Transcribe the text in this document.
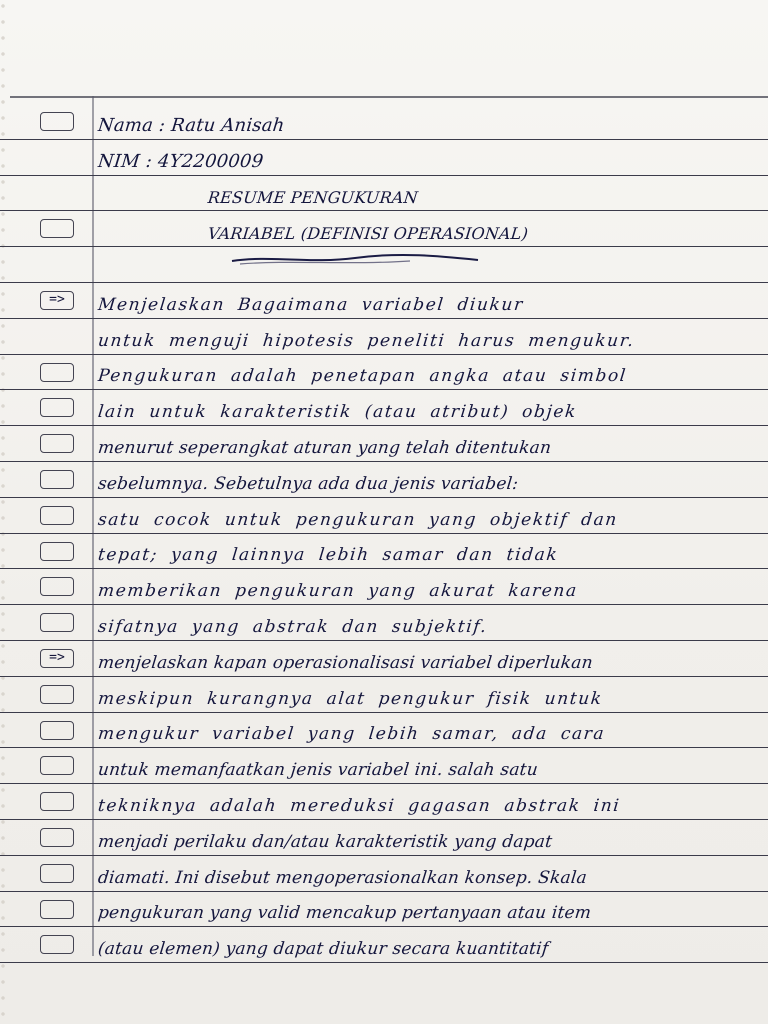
Nama : Ratu Anisah
NIM : 4Y2200009
RESUME PENGUKURAN
VARIABEL (DEFINISI OPERASIONAL)
=>	Menjelaskan Bagaimana variabel diukur
untuk menguji hipotesis peneliti harus mengukur.
Pengukuran adalah penetapan angka atau simbol
lain untuk karakteristik (atau atribut) objek
menurut seperangkat aturan yang telah ditentukan
sebelumnya. Sebetulnya ada dua jenis variabel:
satu cocok untuk pengukuran yang objektif dan
tepat; yang lainnya lebih samar dan tidak
memberikan pengukuran yang akurat karena
sifatnya yang abstrak dan subjektif.
=>	menjelaskan kapan operasionalisasi variabel diperlukan
meskipun kurangnya alat pengukur fisik untuk
mengukur variabel yang lebih samar, ada cara
untuk memanfaatkan jenis variabel ini. salah satu
tekniknya adalah mereduksi gagasan abstrak ini
menjadi perilaku dan/atau karakteristik yang dapat
diamati. Ini disebut mengoperasionalkan konsep. Skala
pengukuran yang valid mencakup pertanyaan atau item
(atau elemen) yang dapat diukur secara kuantitatif
